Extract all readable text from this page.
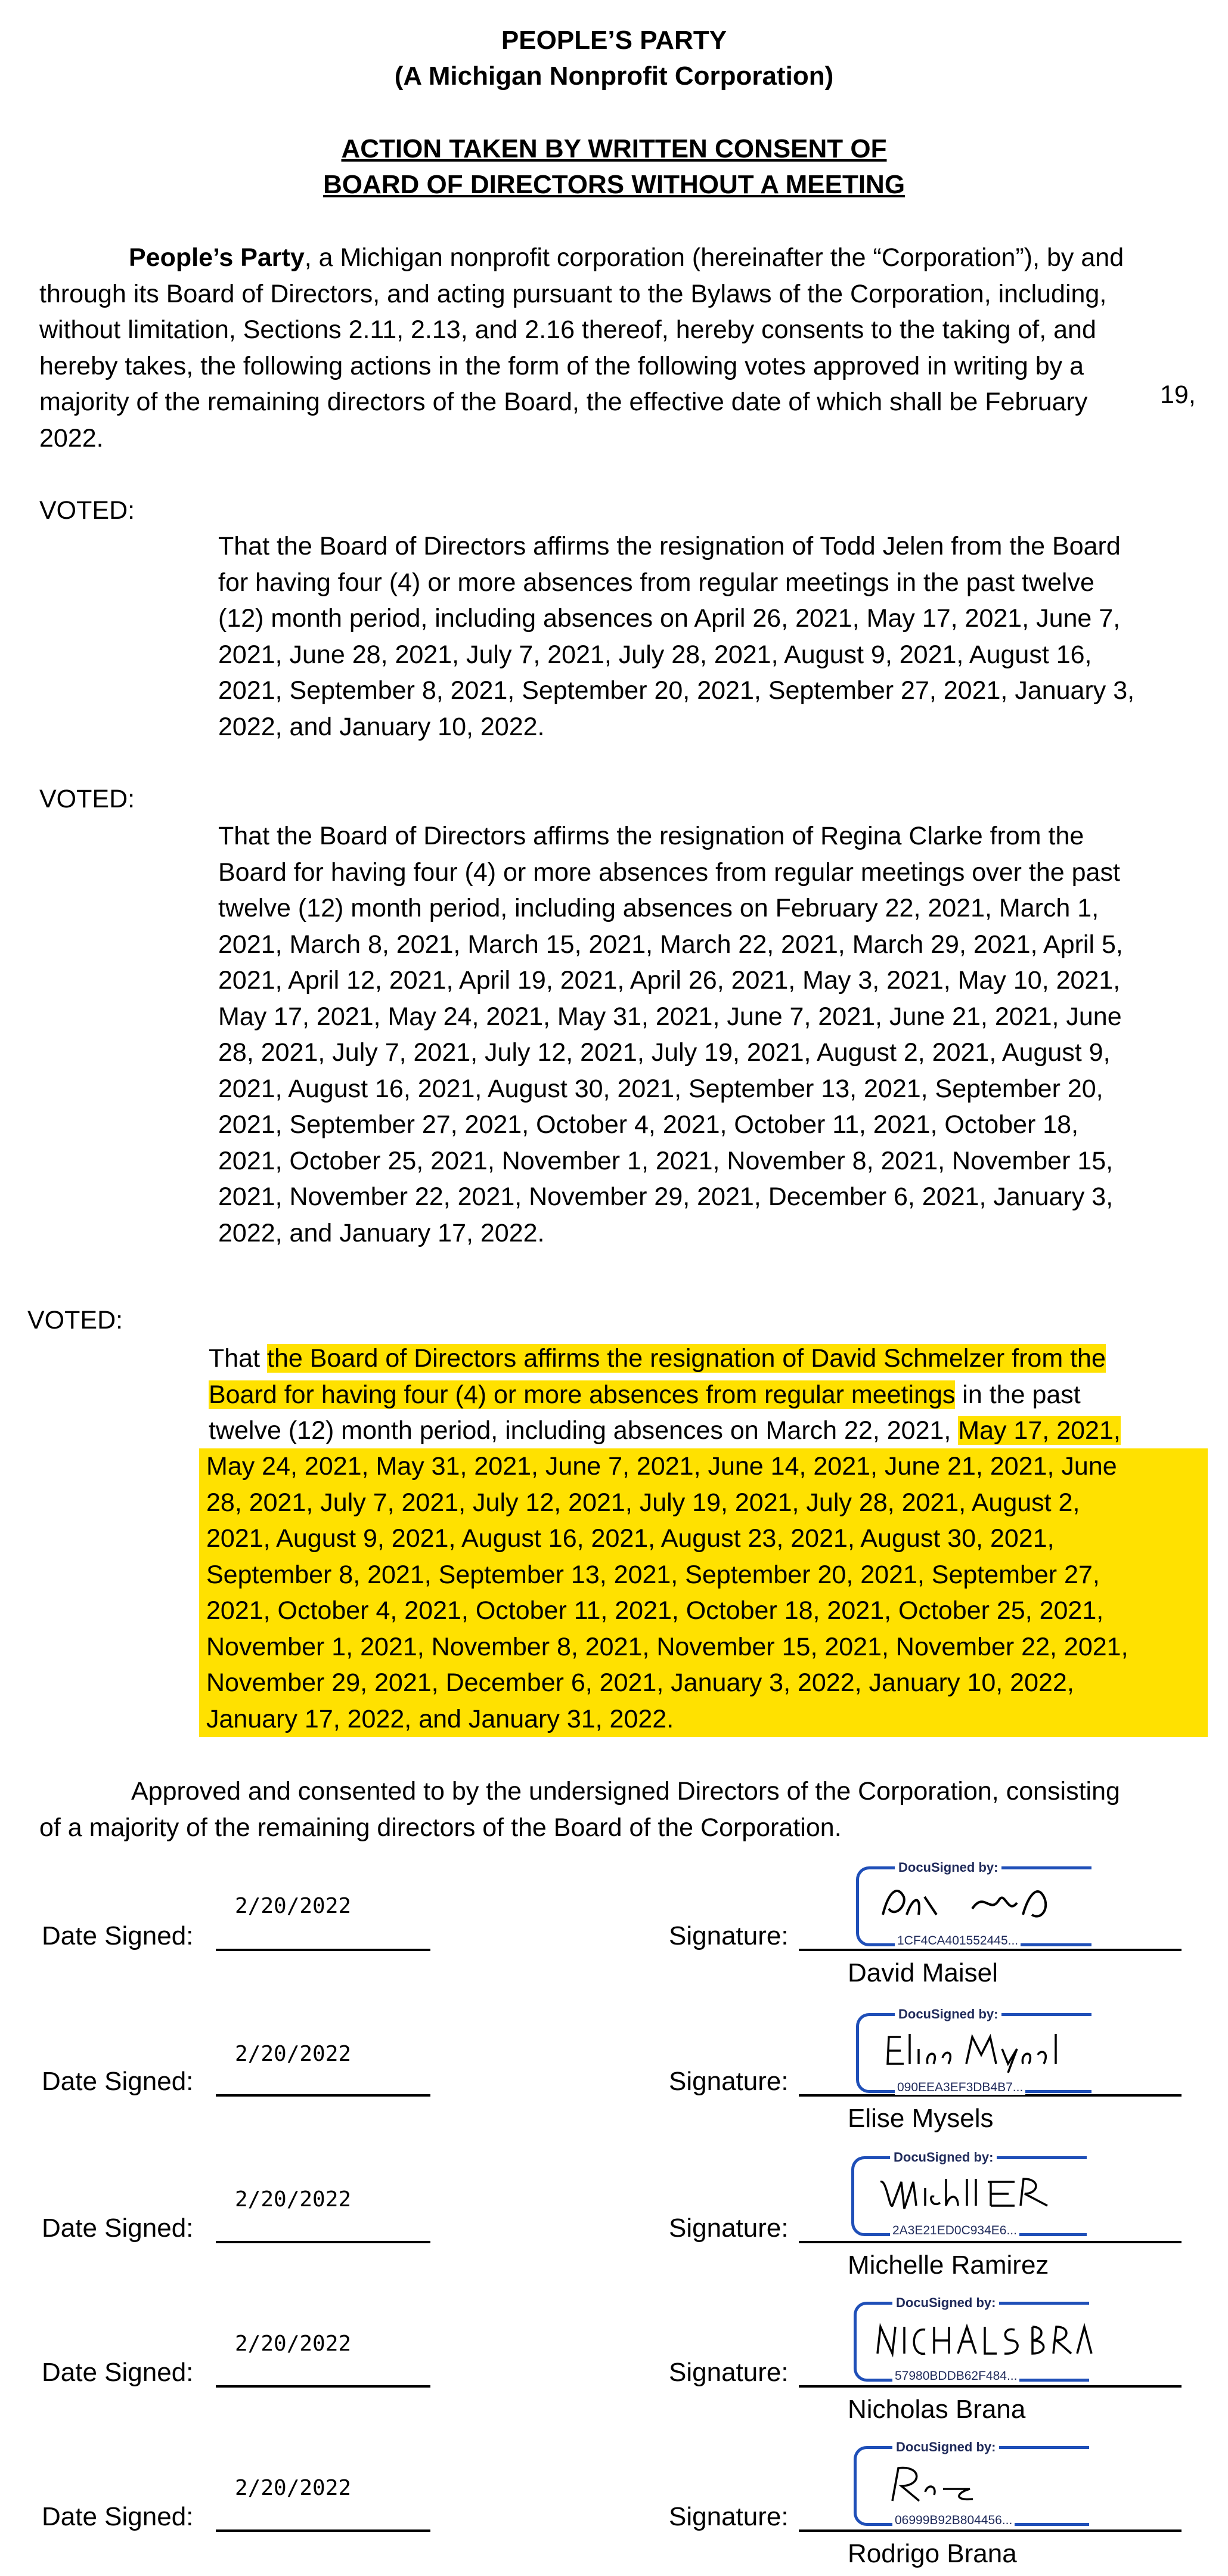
PEOPLE’S PARTY
(A Michigan Nonprofit Corporation)
ACTION TAKEN BY WRITTEN CONSENT OF
BOARD OF DIRECTORS WITHOUT A MEETING
People’s Party, a Michigan nonprofit corporation (hereinafter the “Corporation”), by and
through its Board of Directors, and acting pursuant to the Bylaws of the Corporation, including,
without limitation, Sections 2.11, 2.13, and 2.16 thereof, hereby consents to the taking of, and
hereby takes, the following actions in the form of the following votes approved in writing by a
majority of the remaining directors of the Board, the effective date of which shall be February	19,
2022.
VOTED:
That the Board of Directors affirms the resignation of Todd Jelen from the Board
for having four (4) or more absences from regular meetings in the past twelve
(12) month period, including absences on April 26, 2021, May 17, 2021, June 7,
2021, June 28, 2021, July 7, 2021, July 28, 2021, August 9, 2021, August 16,
2021, September 8, 2021, September 20, 2021, September 27, 2021, January 3,
2022, and January 10, 2022.
VOTED:
That the Board of Directors affirms the resignation of Regina Clarke from the
Board for having four (4) or more absences from regular meetings over the past
twelve (12) month period, including absences on February 22, 2021, March 1,
2021, March 8, 2021, March 15, 2021, March 22, 2021, March 29, 2021, April 5,
2021, April 12, 2021, April 19, 2021, April 26, 2021, May 3, 2021, May 10, 2021,
May 17, 2021, May 24, 2021, May 31, 2021, June 7, 2021, June 21, 2021, June
28, 2021, July 7, 2021, July 12, 2021, July 19, 2021, August 2, 2021, August 9,
2021, August 16, 2021, August 30, 2021, September 13, 2021, September 20,
2021, September 27, 2021, October 4, 2021, October 11, 2021, October 18,
2021, October 25, 2021, November 1, 2021, November 8, 2021, November 15,
2021, November 22, 2021, November 29, 2021, December 6, 2021, January 3,
2022, and January 17, 2022.
VOTED:
That the Board of Directors affirms the resignation of David Schmelzer from the
Board for having four (4) or more absences from regular meetings in the past
twelve (12) month period, including absences on March 22, 2021, May 17, 2021,
May 24, 2021, May 31, 2021, June 7, 2021, June 14, 2021, June 21, 2021, June
28, 2021, July 7, 2021, July 12, 2021, July 19, 2021, July 28, 2021, August 2,
2021, August 9, 2021, August 16, 2021, August 23, 2021, August 30, 2021,
September 8, 2021, September 13, 2021, September 20, 2021, September 27,
2021, October 4, 2021, October 11, 2021, October 18, 2021, October 25, 2021,
November 1, 2021, November 8, 2021, November 15, 2021, November 22, 2021,
November 29, 2021, December 6, 2021, January 3, 2022, January 10, 2022,
January 17, 2022, and January 31, 2022.
Approved and consented to by the undersigned Directors of the Corporation, consisting
of a majority of the remaining directors of the Board of the Corporation.
2/20/2022
Date Signed:	Signature:
DocuSigned by:
1CF4CA401552445...
David Maisel
2/20/2022
Date Signed:	Signature:
DocuSigned by:
090EEA3EF3DB4B7...
Elise Mysels
2/20/2022
Date Signed:	Signature:
DocuSigned by:
2A3E21ED0C934E6...
Michelle Ramirez
2/20/2022
Date Signed:	Signature:
DocuSigned by:
57980BDDB62F484...
Nicholas Brana
2/20/2022
Date Signed:	Signature:
DocuSigned by:
06999B92B804456...
Rodrigo Brana
